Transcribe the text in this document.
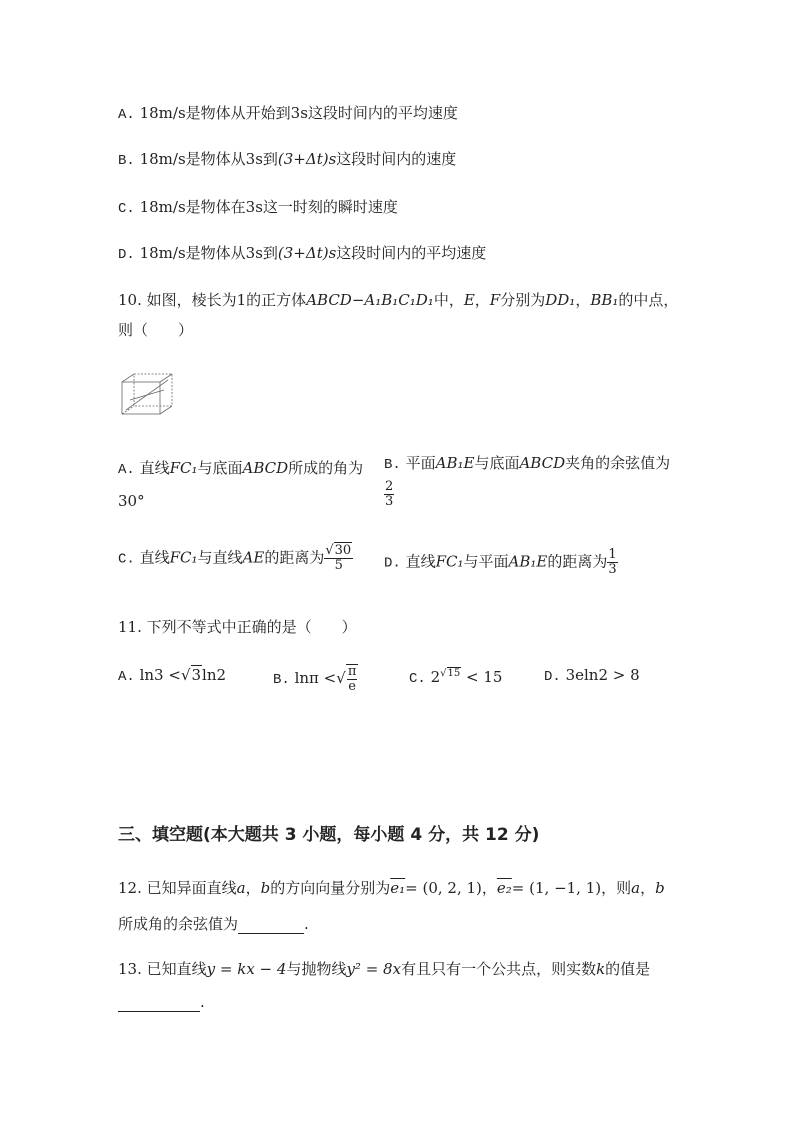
A. 18m/s是物体从开始到3s这段时间内的平均速度
B. 18m/s是物体从3s到(3+Δt)s这段时间内的速度
C. 18m/s是物体在3s这一时刻的瞬时速度
D. 18m/s是物体从3s到(3+Δt)s这段时间内的平均速度
10. 如图，棱长为1的正方体ABCD−A₁B₁C₁D₁中，E，F分别为DD₁，BB₁的中点，
则（　　）
A. 直线FC₁与底面ABCD所成的角为
30°
B. 平面AB₁E与底面ABCD夹角的余弦值为
$\frac{2}{3}$
C. 直线FC₁与直线AE的距离为 $\frac{√30}{5} D$. 直线FC₁与平面AB₁E的距离为 $\frac{1}{3}$
11. 下列不等式中正确的是（　　）
A. ln3 <√3ln2	B. lnπ <√ $\frac{\pi}{e}$	C. $2^{√15} < 15$	D. 3eln2 > 8
三、填空题(本大题共 3 小题，每小题 4 分，共 12 分)
12. 已知异面直线a，b的方向向量分别为e₁= (0, 2, 1)，e₂= (1, −1, 1)，则a，b
所成角的余弦值为	.
13. 已知直线y = kx − 4与抛物线y² = 8x有且只有一个公共点，则实数k的值是
.
